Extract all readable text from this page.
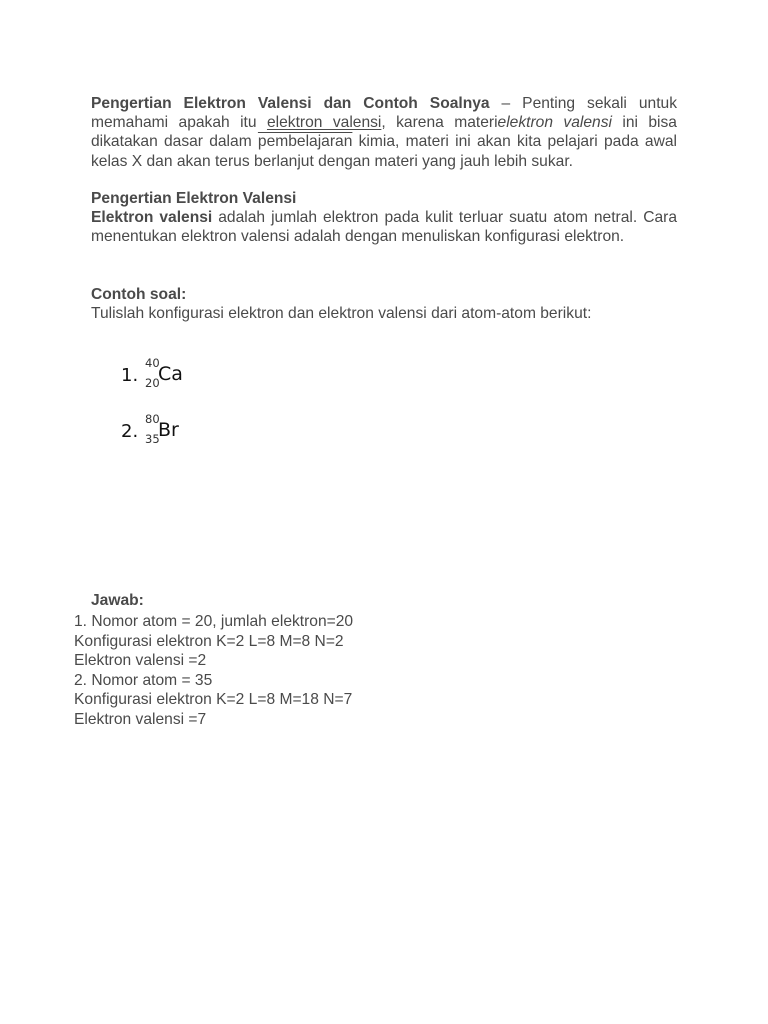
Pengertian Elektron Valensi dan Contoh Soalnya – Penting sekali untuk memahami apakah itu elektron valensi, karena materielektron valensi ini bisa dikatakan dasar dalam pembelajaran kimia, materi ini akan kita pelajari pada awal kelas X dan akan terus berlanjut dengan materi yang jauh lebih sukar.
Pengertian Elektron Valensi
Elektron valensi adalah jumlah elektron pada kulit terluar suatu atom netral. Cara menentukan elektron valensi adalah dengan menuliskan konfigurasi elektron.
Contoh soal:
Tulislah konfigurasi elektron dan elektron valensi dari atom-atom berikut:
1.
40
20
Ca
2.
80
35
Br
Jawab:
1. Nomor atom = 20, jumlah elektron=20
Konfigurasi elektron K=2 L=8 M=8 N=2
Elektron valensi =2
2. Nomor atom = 35
Konfigurasi elektron K=2 L=8 M=18 N=7
Elektron valensi =7
